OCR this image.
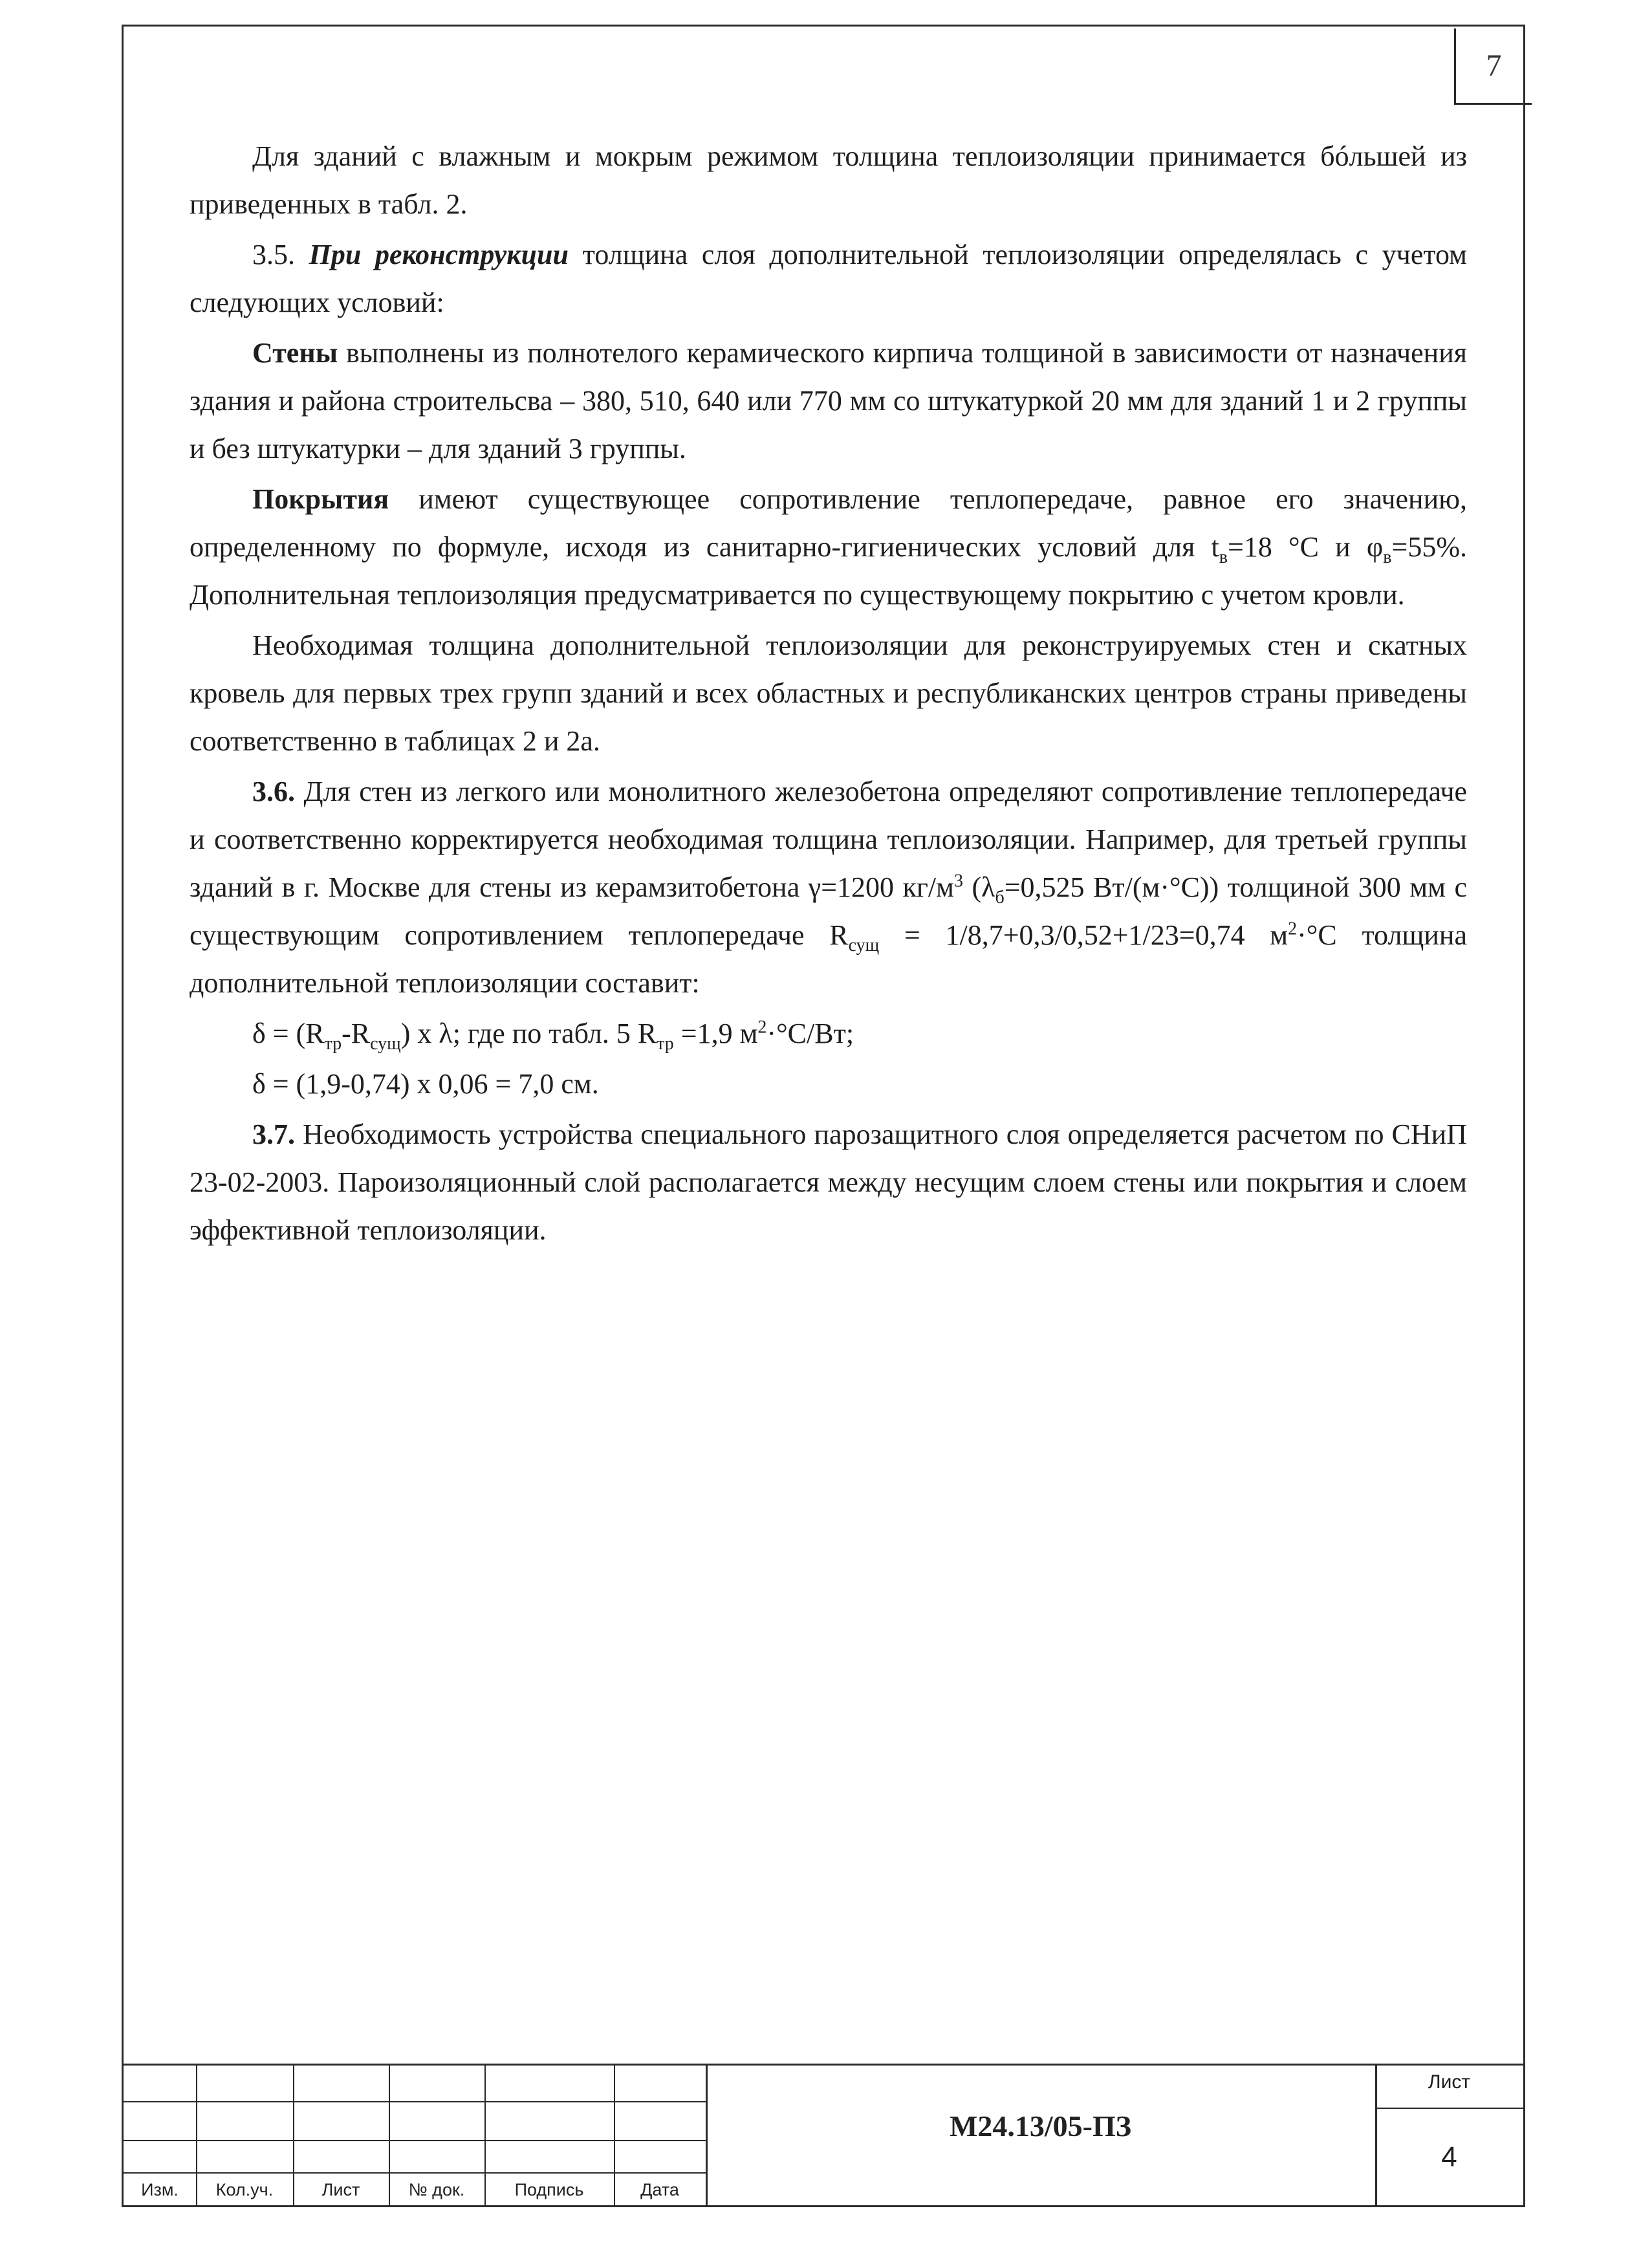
7

Для зданий с влажным и мокрым режимом толщина теплоизоляции принимается бóльшей из приведенных в табл. 2.

3.5. При реконструкции толщина слоя дополнительной теплоизоляции определялась с учетом следующих условий:

Стены выполнены из полнотелого керамического кирпича толщиной в зависимости от назначения здания и района строительсва – 380, 510, 640 или 770 мм со штукатуркой 20 мм для зданий 1 и 2 группы и без штукатурки – для зданий 3 группы.

Покрытия имеют существующее сопротивление теплопередаче, равное его значению, определенному по формуле, исходя из санитарно-гигиенических условий для $t_в=18$ °С и $\varphi_в=55\%$. Дополнительная теплоизоляция предусматривается по существующему покрытию с учетом кровли.

Необходимая толщина дополнительной теплоизоляции для реконструируемых стен и скатных кровель для первых трех групп зданий и всех областных и республиканских центров страны приведены соответственно в таблицах 2 и 2а.

3.6. Для стен из легкого или монолитного железобетона определяют сопротивление теплопередаче и соответственно корректируется необходимая толщина теплоизоляции. Например, для третьей группы зданий в г. Москве для стены из керамзитобетона γ=1200 $кг/м^3$ ($\lambda_б=0,525$ Вт/(м·°С)) толщиной 300 мм с существующим сопротивлением теплопередаче $R_{сущ} = 1/8,7+0,3/0,52+1/23=0,74$ $м^2\cdot^\circ С$ толщина дополнительной теплоизоляции составит:

$\delta = (R_{тр}-R_{сущ})$ х λ; где по табл. 5 $R_{тр} =1,9$ $м^2\cdot^\circ С/Вт$;

δ = (1,9-0,74) х 0,06 = 7,0 см.

3.7. Необходимость устройства специального парозащитного слоя определяется расчетом по СНиП 23-02-2003. Пароизоляционный слой располагается между несущим слоем стены или покрытия и слоем эффективной теплоизоляции.

Изм.	Кол.уч.	Лист	№ док.	Подпись	Дата
М24.13/05-ПЗ
Лист
4
